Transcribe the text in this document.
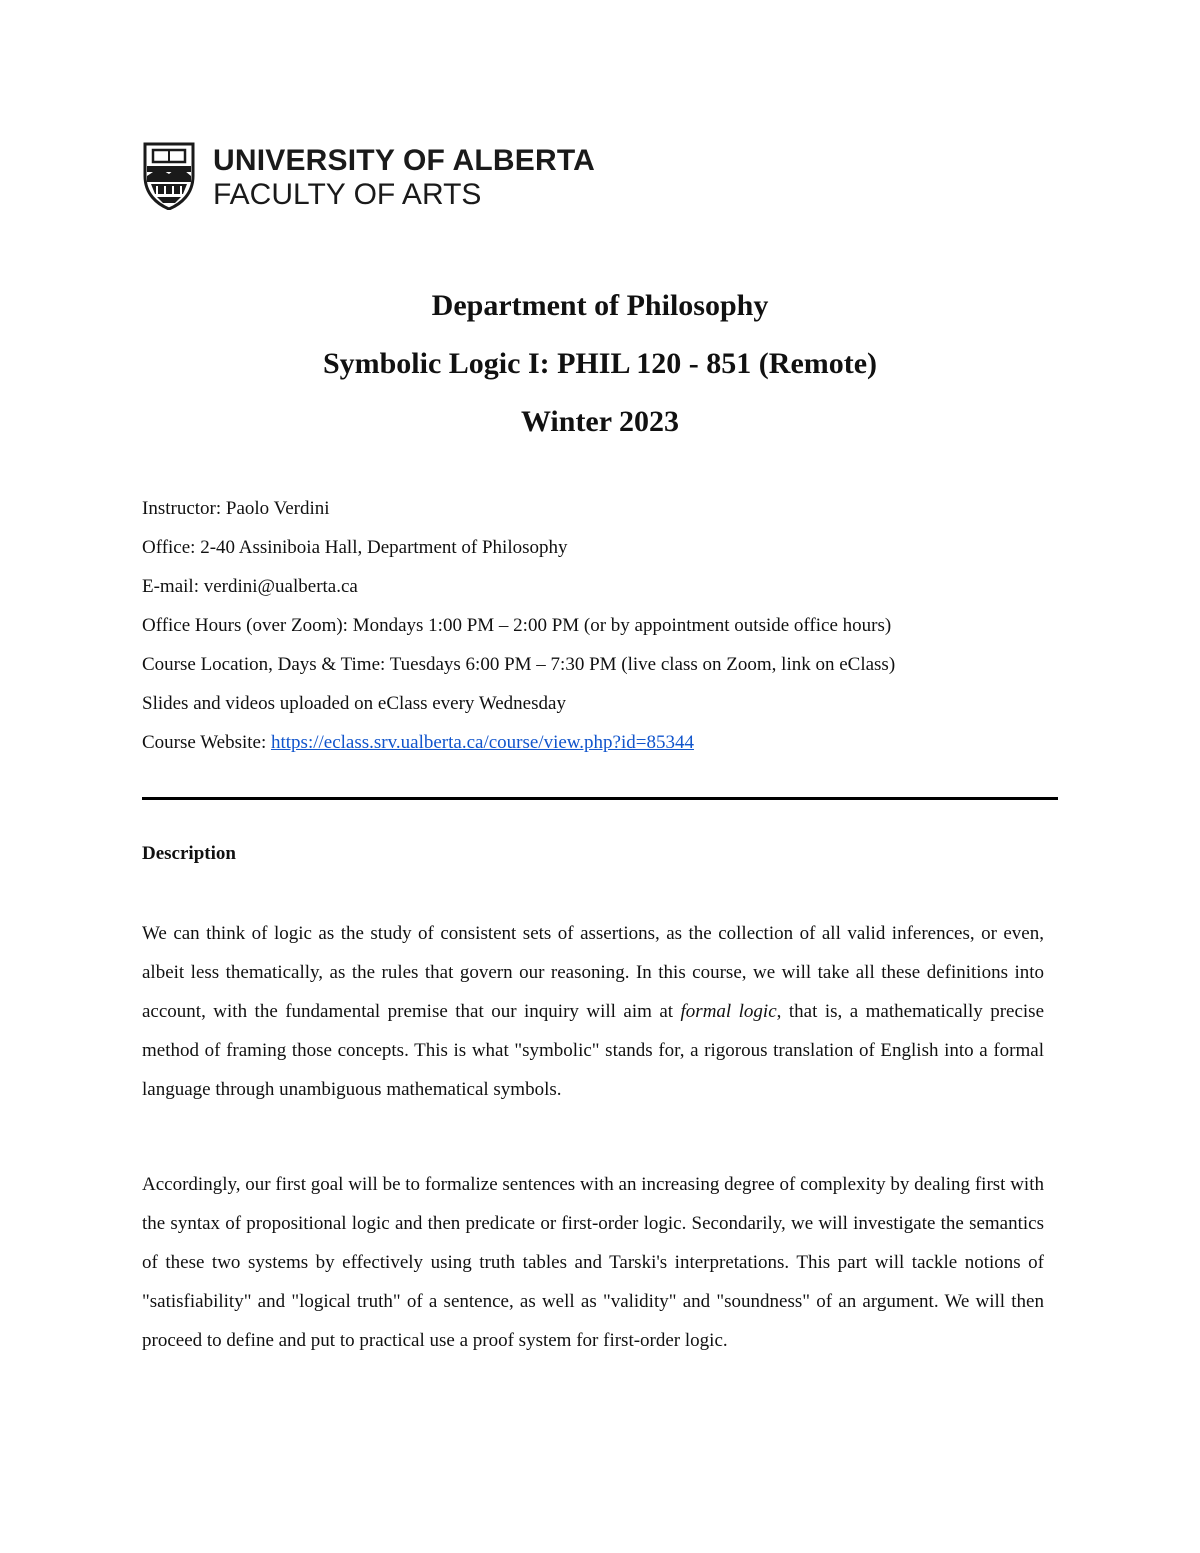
UNIVERSITY OF ALBERTA
FACULTY OF ARTS
Department of Philosophy
Symbolic Logic I: PHIL 120 - 851 (Remote)
Winter 2023
Instructor: Paolo Verdini
Office: 2-40 Assiniboia Hall, Department of Philosophy
E-mail: verdini@ualberta.ca
Office Hours (over Zoom): Mondays 1:00 PM – 2:00 PM (or by appointment outside office hours)
Course Location, Days & Time: Tuesdays 6:00 PM – 7:30 PM (live class on Zoom, link on eClass)
Slides and videos uploaded on eClass every Wednesday
Course Website: https://eclass.srv.ualberta.ca/course/view.php?id=85344
Description
We can think of logic as the study of consistent sets of assertions, as the collection of all valid inferences, or even, albeit less thematically, as the rules that govern our reasoning. In this course, we will take all these definitions into account, with the fundamental premise that our inquiry will aim at formal logic, that is, a mathematically precise method of framing those concepts. This is what "symbolic" stands for, a rigorous translation of English into a formal language through unambiguous mathematical symbols.
Accordingly, our first goal will be to formalize sentences with an increasing degree of complexity by dealing first with the syntax of propositional logic and then predicate or first-order logic. Secondarily, we will investigate the semantics of these two systems by effectively using truth tables and Tarski's interpretations. This part will tackle notions of "satisfiability" and "logical truth" of a sentence, as well as "validity" and "soundness" of an argument. We will then proceed to define and put to practical use a proof system for first-order logic.
